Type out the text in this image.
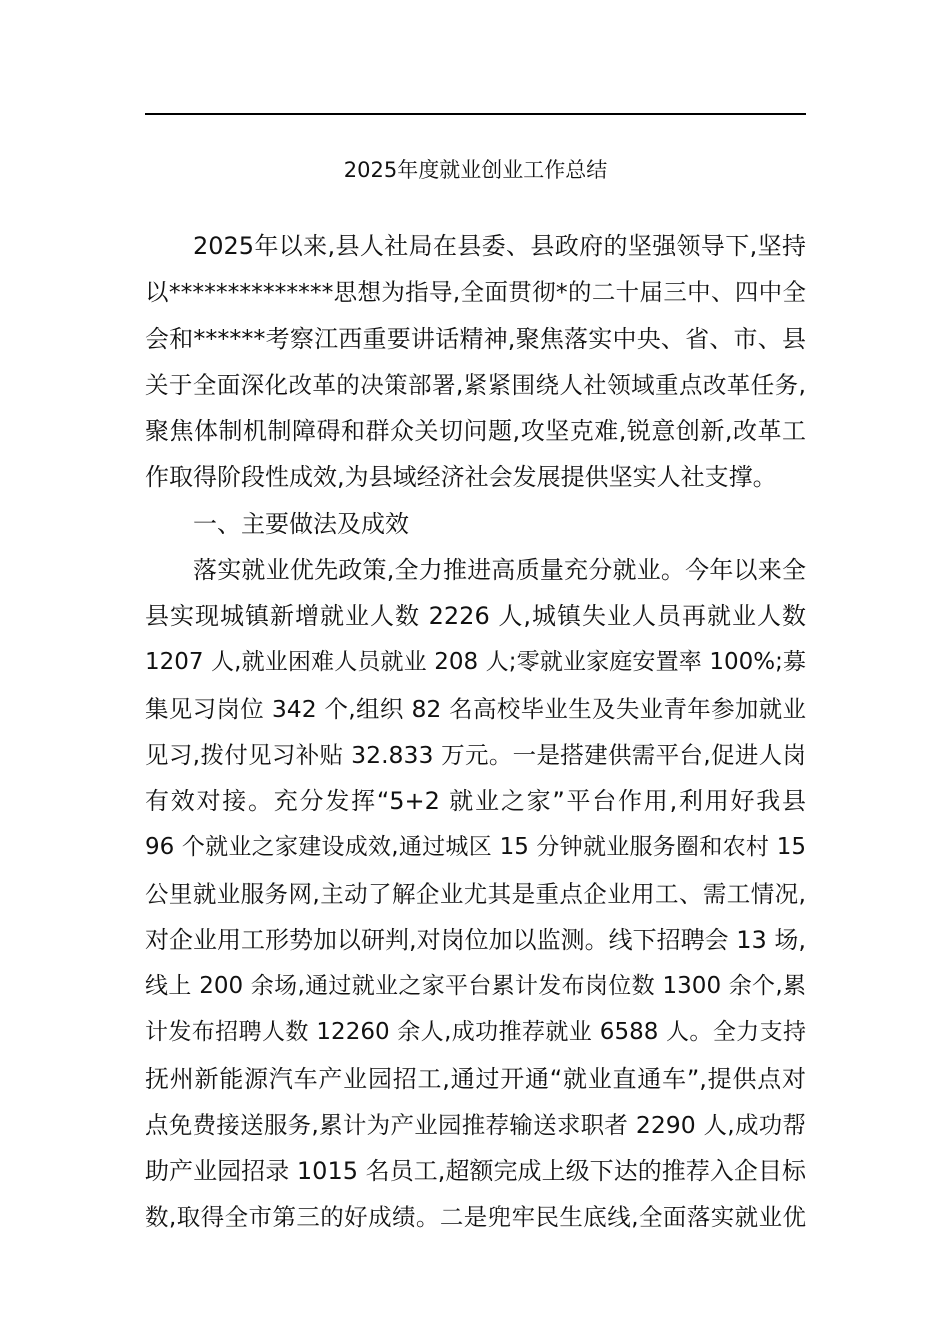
2025年度就业创业工作总结
2025年以来,县人社局在县委、县政府的坚强领导下,坚持
以**************思想为指导,全面贯彻*的二十届三中、四中全
会和******考察江西重要讲话精神,聚焦落实中央、省、市、县
关于全面深化改革的决策部署,紧紧围绕人社领域重点改革任务,
聚焦体制机制障碍和群众关切问题,攻坚克难,锐意创新,改革工
作取得阶段性成效,为县域经济社会发展提供坚实人社支撑。
一、主要做法及成效
落实就业优先政策,全力推进高质量充分就业。今年以来全
县实现城镇新增就业人数 2226 人,城镇失业人员再就业人数
1207 人,就业困难人员就业 208 人;零就业家庭安置率 100%;募
集见习岗位 342 个,组织 82 名高校毕业生及失业青年参加就业
见习,拨付见习补贴 32.833 万元。一是搭建供需平台,促进人岗
有效对接。充分发挥“5+2 就业之家”平台作用,利用好我县
96 个就业之家建设成效,通过城区 15 分钟就业服务圈和农村 15
公里就业服务网,主动了解企业尤其是重点企业用工、需工情况,
对企业用工形势加以研判,对岗位加以监测。线下招聘会 13 场,
线上 200 余场,通过就业之家平台累计发布岗位数 1300 余个,累
计发布招聘人数 12260 余人,成功推荐就业 6588 人。全力支持
抚州新能源汽车产业园招工,通过开通“就业直通车”,提供点对
点免费接送服务,累计为产业园推荐输送求职者 2290 人,成功帮
助产业园招录 1015 名员工,超额完成上级下达的推荐入企目标
数,取得全市第三的好成绩。二是兜牢民生底线,全面落实就业优
